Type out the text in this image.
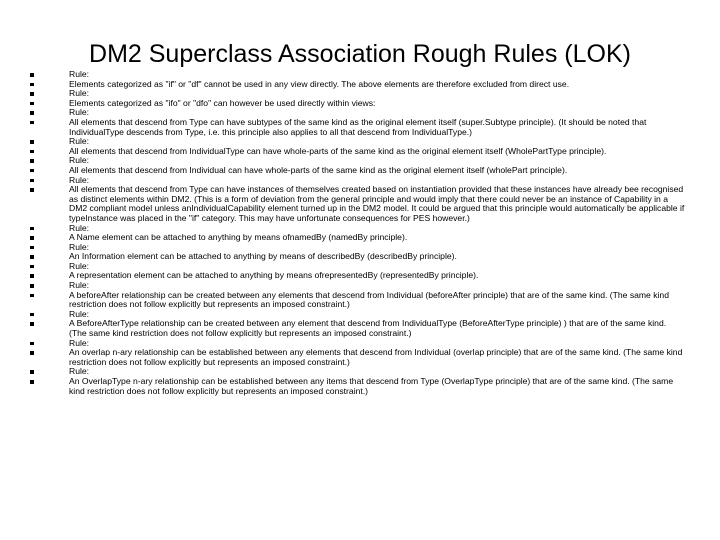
DM2 Superclass Association Rough Rules (LOK)
Rule:
Elements categorized as "if" or "df" cannot be used in any view directly. The above elements are therefore excluded from direct use.
Rule:
Elements categorized as "ifo" or "dfo" can however be used directly within views:
Rule:
All elements that descend from Type can have subtypes of the same kind as the original element itself (super.Subtype principle). (It should be noted that IndividualType descends from Type, i.e. this principle also applies to all that descend from IndividualType.)
Rule:
All elements that descend from IndividualType can have whole-parts of the same kind as the original element itself (WholePartType principle).
Rule:
All elements that descend from Individual can have whole-parts of the same kind as the original element itself (wholePart principle).
Rule:
All elements that descend from Type can have instances of themselves created based on instantiation provided that these instances have already bee recognised as distinct elements within DM2. (This is a form of deviation from the general principle and would imply that there could never be an instance of Capability in a DM2 compliant model unless anIndividualCapability element turned up in the DM2 model. It could be argued that this principle would automatically be applicable if typeInstance was placed in the "if" category. This may have unfortunate consequences for PES however.)
Rule:
A Name element can be attached to anything by means ofnamedBy (namedBy principle).
Rule:
An Information element can be attached to anything by means of describedBy (describedBy principle).
Rule:
A representation element can be attached to anything by means ofrepresentedBy (representedBy principle).
Rule:
A beforeAfter relationship can be created between any elements that descend from Individual (beforeAfter principle) that are of the same kind. (The same kind restriction does not follow explicitly but represents an imposed constraint.)
Rule:
A BeforeAfterType relationship can be created between any element that descend from IndividualType (BeforeAfterType principle) ) that are of the same kind. (The same kind restriction does not follow explicitly but represents an imposed constraint.)
Rule:
An overlap n-ary relationship can be established between any elements that descend from Individual (overlap principle) that are of the same kind. (The same kind restriction does not follow explicitly but represents an imposed constraint.)
Rule:
An OverlapType n-ary relationship can be established between any items that descend from Type (OverlapType principle) that are of the same kind. (The same kind restriction does not follow explicitly but represents an imposed constraint.)
